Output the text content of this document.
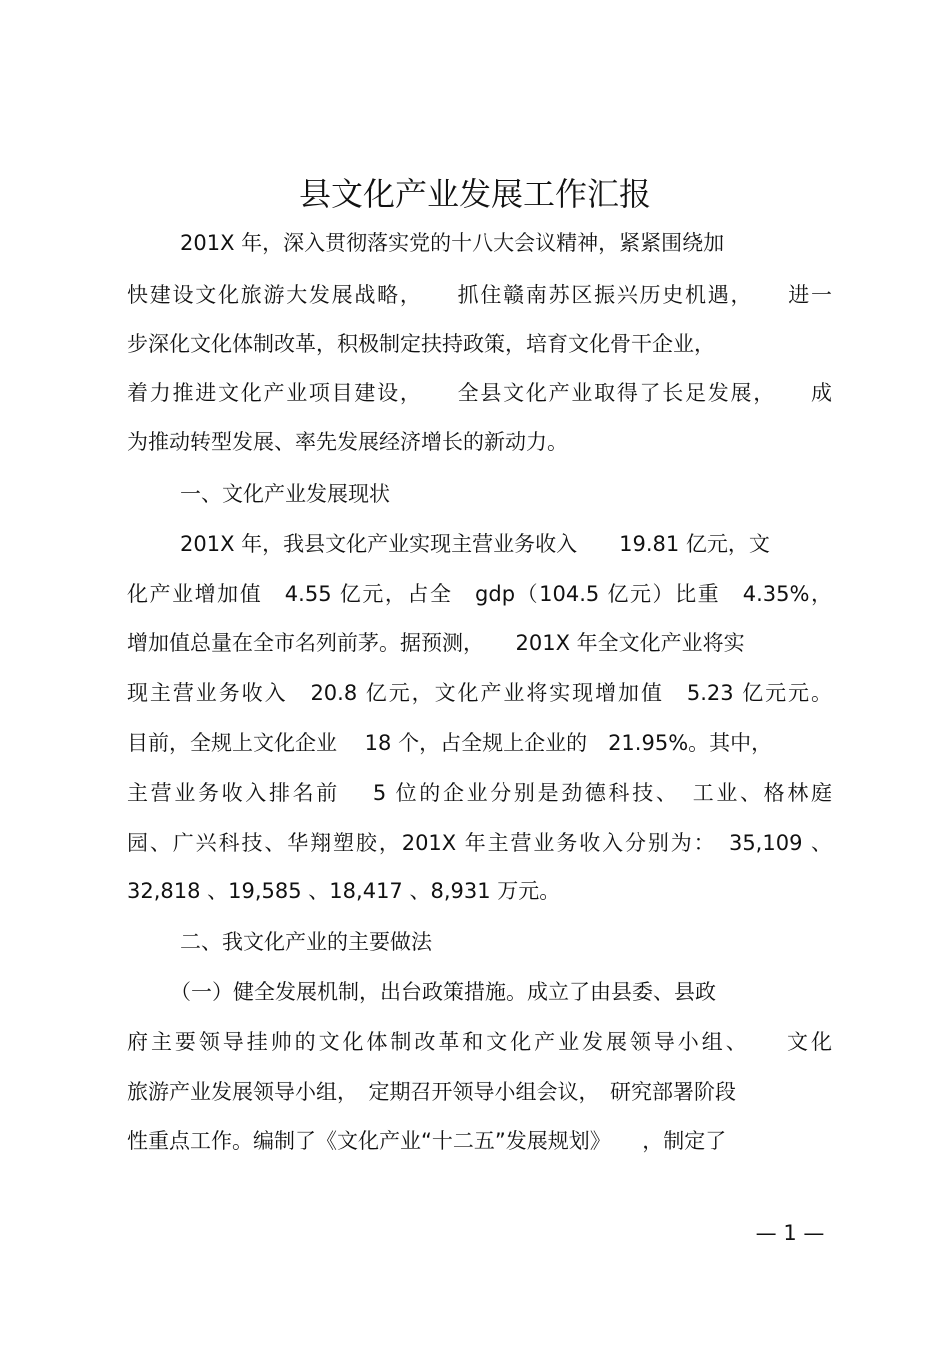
县文化产业发展工作汇报
201X 年，深入贯彻落实党的十八大会议精神，紧紧围绕加
快建设文化旅游大发展战略，　　抓住赣南苏区振兴历史机遇，　　进一
步深化文化体制改革，积极制定扶持政策，培育文化骨干企业，
着力推进文化产业项目建设，　　全县文化产业取得了长足发展，　　成
为推动转型发展、率先发展经济增长的新动力。
一、文化产业发展现状
201X 年，我县文化产业实现主营业务收入　　19.81 亿元，文
化产业增加值　4.55 亿元，占全　gdp（104.5 亿元）比重　4.35%，
增加值总量在全市名列前茅。据预测，　　201X 年全文化产业将实
现主营业务收入　20.8 亿元，文化产业将实现增加值　5.23 亿元元。
目前，全规上文化企业　 18 个，占全规上企业的　21.95%。其中，
主营业务收入排名前　 5 位的企业分别是劲德科技、　工业、格林庭
园、广兴科技、华翔塑胶，201X 年主营业务收入分别为：　35,109 、
32,818 、19,585 、18,417 、8,931 万元。
二、我文化产业的主要做法
（一）健全发展机制，出台政策措施。成立了由县委、县政
府主要领导挂帅的文化体制改革和文化产业发展领导小组、　　文化
旅游产业发展领导小组，　定期召开领导小组会议，　研究部署阶段
性重点工作。编制了《文化产业“十二五”发展规划》　　，制定了
— 1 —
